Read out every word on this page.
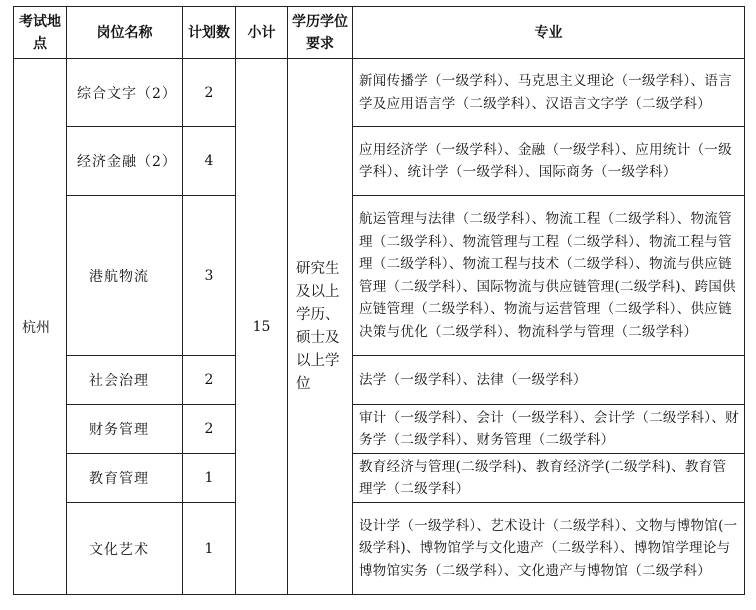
考试地点	岗位名称	计划数	小计	学历学位要求	专业
杭州	综合文字（2）	2	15	研究生及以上学历、硕士及以上学位	新闻传播学（一级学科）、马克思主义理论（一级学科）、语言学及应用语言学（二级学科）、汉语言文字学（二级学科）
	经济金融（2）	4			应用经济学（一级学科）、金融（一级学科）、应用统计（一级学科）、统计学（一级学科）、国际商务（一级学科）
	港航物流	3			航运管理与法律（二级学科）、物流工程（二级学科）、物流管理（二级学科）、物流管理与工程（二级学科）、物流工程与管理（二级学科）、物流工程与技术（二级学科）、物流与供应链管理（二级学科）、国际物流与供应链管理(二级学科)、跨国供应链管理（二级学科）、物流与运营管理（二级学科）、供应链决策与优化（二级学科）、物流科学与管理（二级学科）
	社会治理	2			法学（一级学科）、法律（一级学科）
	财务管理	2			审计（一级学科）、会计（一级学科）、会计学（二级学科）、财务学（二级学科）、财务管理（二级学科）
	教育管理	1			教育经济与管理(二级学科)、教育经济学(二级学科)、教育管理学（二级学科）
	文化艺术	1			设计学（一级学科）、艺术设计（二级学科）、文物与博物馆(一级学科)、博物馆学与文化遗产（二级学科）、博物馆学理论与博物馆实务（二级学科）、文化遗产与博物馆（二级学科）
